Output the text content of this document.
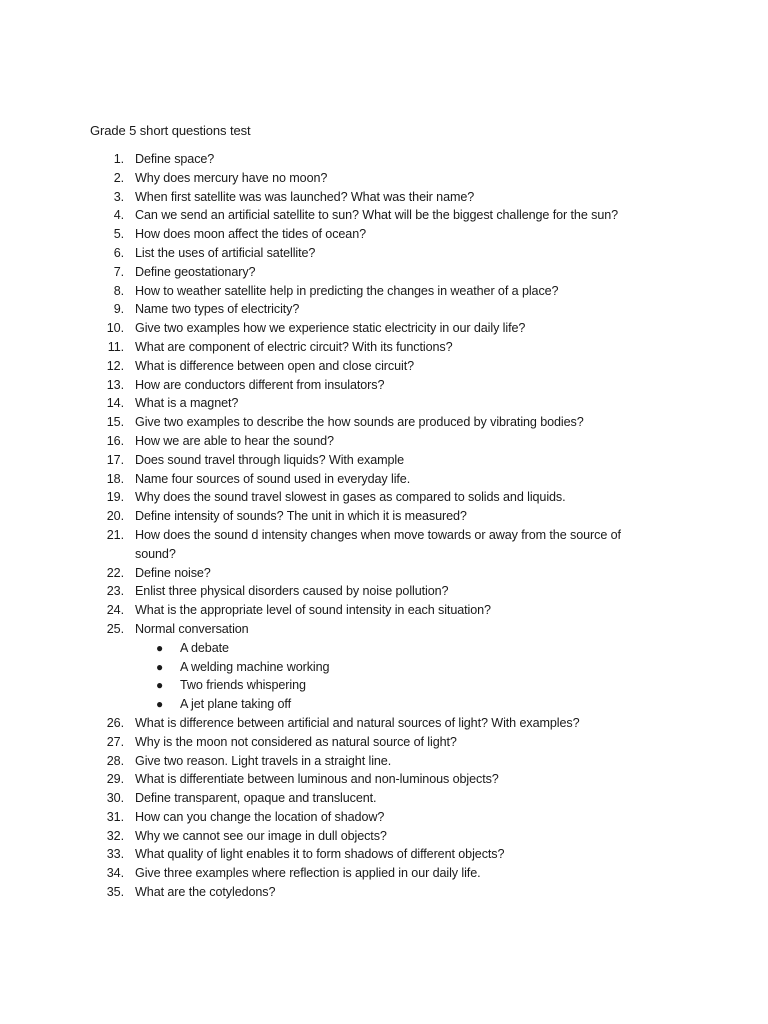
Grade 5 short questions test
1. Define space?
2. Why does mercury have no moon?
3. When first satellite was was launched? What was their name?
4. Can we send an artificial satellite to sun? What will be the biggest challenge for the sun?
5. How does moon affect the tides of ocean?
6. List the uses of artificial satellite?
7. Define geostationary?
8. How to weather satellite help in predicting the changes in weather of a place?
9. Name two types of electricity?
10. Give two examples how we experience static electricity in our daily life?
11. What are component of electric circuit? With its functions?
12. What is difference between open and close circuit?
13. How are conductors different from insulators?
14. What is a magnet?
15. Give two examples to describe the how sounds are produced by vibrating bodies?
16. How we are able to hear the sound?
17. Does sound travel through liquids? With example
18. Name four sources of sound used in everyday life.
19. Why does the sound travel slowest in gases as compared to solids and liquids.
20. Define intensity of sounds? The unit in which it is measured?
21. How does the sound d intensity changes when move towards or away from the source of sound?
22. Define noise?
23. Enlist three physical disorders caused by noise pollution?
24. What is the appropriate level of sound intensity in each situation?
25. Normal conversation
● A debate
● A welding machine working
● Two friends whispering
● A jet plane taking off
26. What is difference between artificial and natural sources of light? With examples?
27. Why is the moon not considered as natural source of light?
28. Give two reason. Light travels in a straight line.
29. What is differentiate between luminous and non-luminous objects?
30. Define transparent, opaque and translucent.
31. How can you change the location of shadow?
32. Why we cannot see our image in dull objects?
33. What quality of light enables it to form shadows of different objects?
34. Give three examples where reflection is applied in our daily life.
35. What are the cotyledons?
